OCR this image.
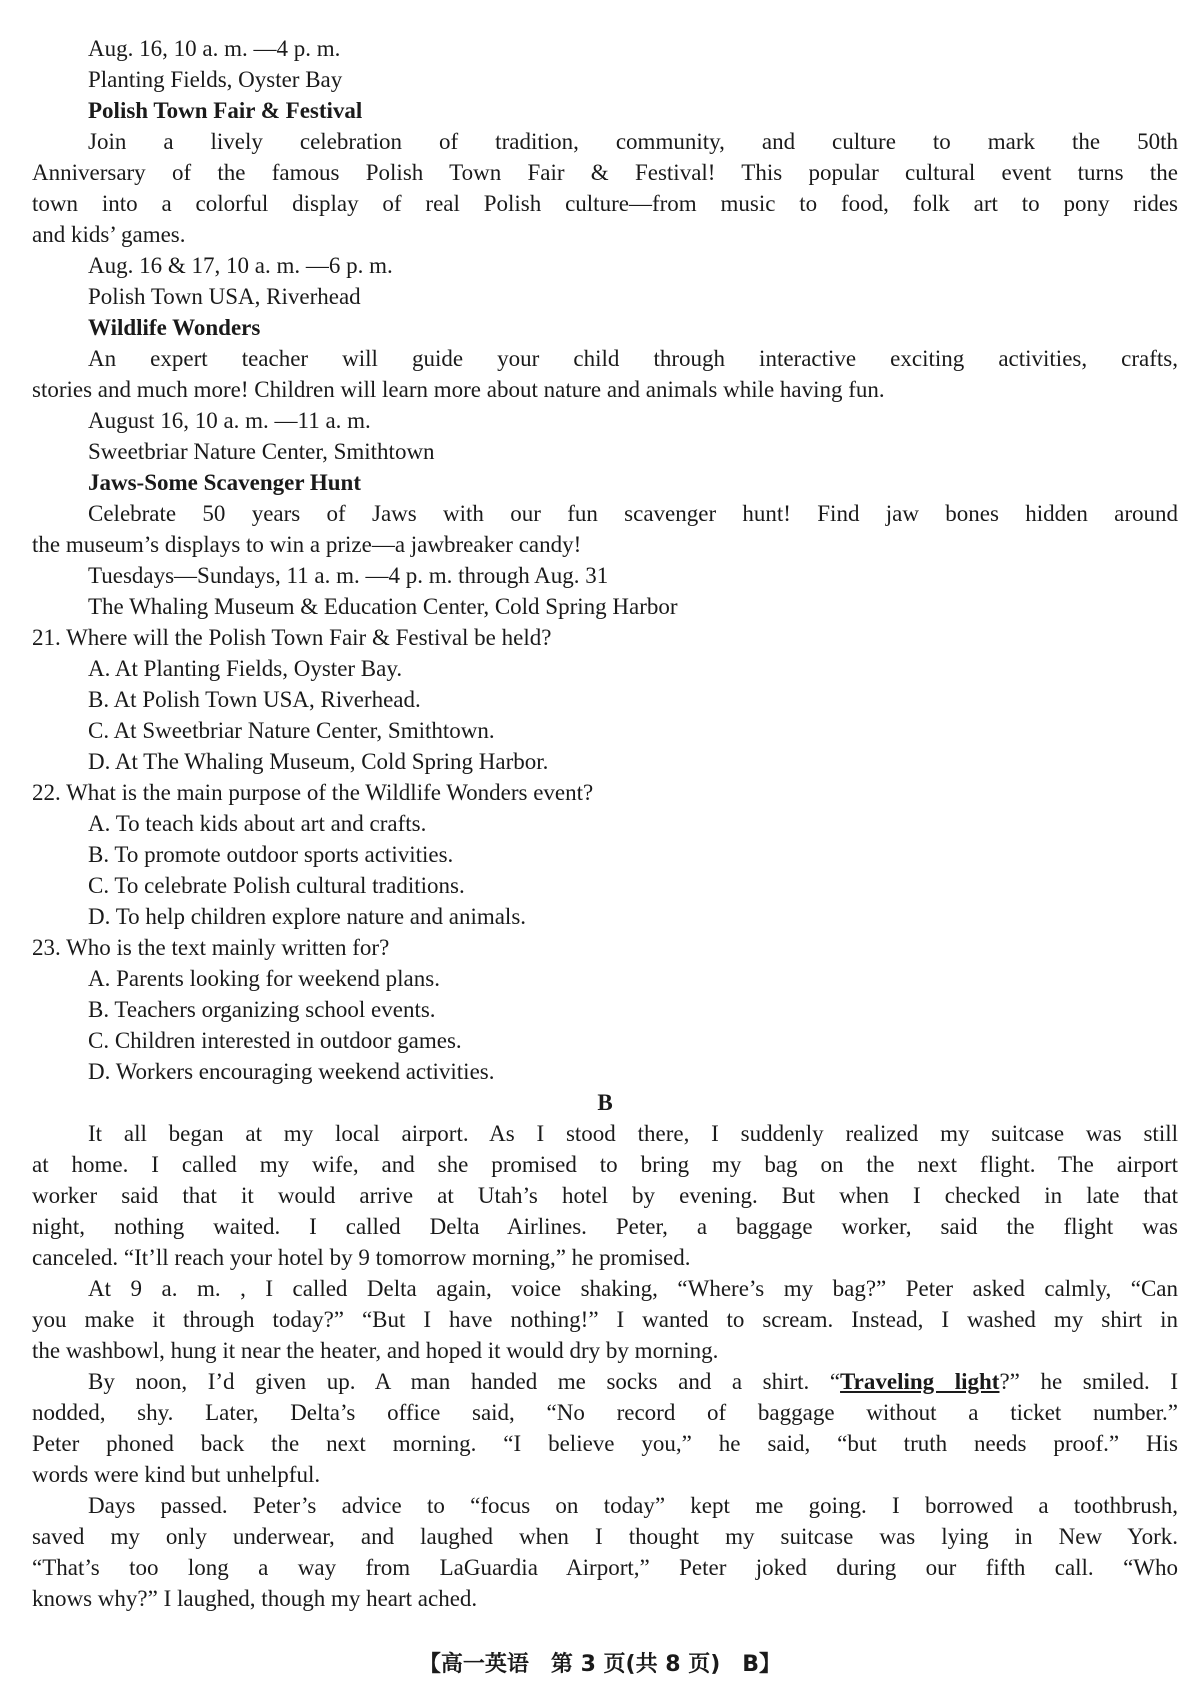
Aug. 16, 10 a. m. —4 p. m.

Planting Fields, Oyster Bay

Polish Town Fair & Festival

Join a lively celebration of tradition, community, and culture to mark the 50th

Anniversary of the famous Polish Town Fair & Festival! This popular cultural event turns the

town into a colorful display of real Polish culture—from music to food, folk art to pony rides

and kids’ games.

Aug. 16 & 17, 10 a. m. —6 p. m.

Polish Town USA, Riverhead

Wildlife Wonders

An expert teacher will guide your child through interactive exciting activities, crafts,

stories and much more! Children will learn more about nature and animals while having fun.

August 16, 10 a. m. —11 a. m.

Sweetbriar Nature Center, Smithtown

Jaws-Some Scavenger Hunt

Celebrate 50 years of Jaws with our fun scavenger hunt! Find jaw bones hidden around

the museum’s displays to win a prize—a jawbreaker candy!

Tuesdays—Sundays, 11 a. m. —4 p. m. through Aug. 31

The Whaling Museum & Education Center, Cold Spring Harbor

21. Where will the Polish Town Fair & Festival be held?

A. At Planting Fields, Oyster Bay.

B. At Polish Town USA, Riverhead.

C. At Sweetbriar Nature Center, Smithtown.

D. At The Whaling Museum, Cold Spring Harbor.

22. What is the main purpose of the Wildlife Wonders event?

A. To teach kids about art and crafts.

B. To promote outdoor sports activities.

C. To celebrate Polish cultural traditions.

D. To help children explore nature and animals.

23. Who is the text mainly written for?

A. Parents looking for weekend plans.

B. Teachers organizing school events.

C. Children interested in outdoor games.

D. Workers encouraging weekend activities.

B

It all began at my local airport. As I stood there, I suddenly realized my suitcase was still

at home. I called my wife, and she promised to bring my bag on the next flight. The airport

worker said that it would arrive at Utah’s hotel by evening. But when I checked in late that

night, nothing waited. I called Delta Airlines. Peter, a baggage worker, said the flight was

canceled. “It’ll reach your hotel by 9 tomorrow morning,” he promised.

At 9 a. m. , I called Delta again, voice shaking, “Where’s my bag?” Peter asked calmly, “Can

you make it through today?” “But I have nothing!” I wanted to scream. Instead, I washed my shirt in

the washbowl, hung it near the heater, and hoped it would dry by morning.

By noon, I’d given up. A man handed me socks and a shirt. “Traveling light?” he smiled. I

nodded, shy. Later, Delta’s office said, “No record of baggage without a ticket number.”

Peter phoned back the next morning. “I believe you,” he said, “but truth needs proof.” His

words were kind but unhelpful.

Days passed. Peter’s advice to “focus on today” kept me going. I borrowed a toothbrush,

saved my only underwear, and laughed when I thought my suitcase was lying in New York.

“That’s too long a way from LaGuardia Airport,” Peter joked during our fifth call. “Who

knows why?” I laughed, though my heart ached.

【高一英语　第 3 页(共 8 页)　B】
